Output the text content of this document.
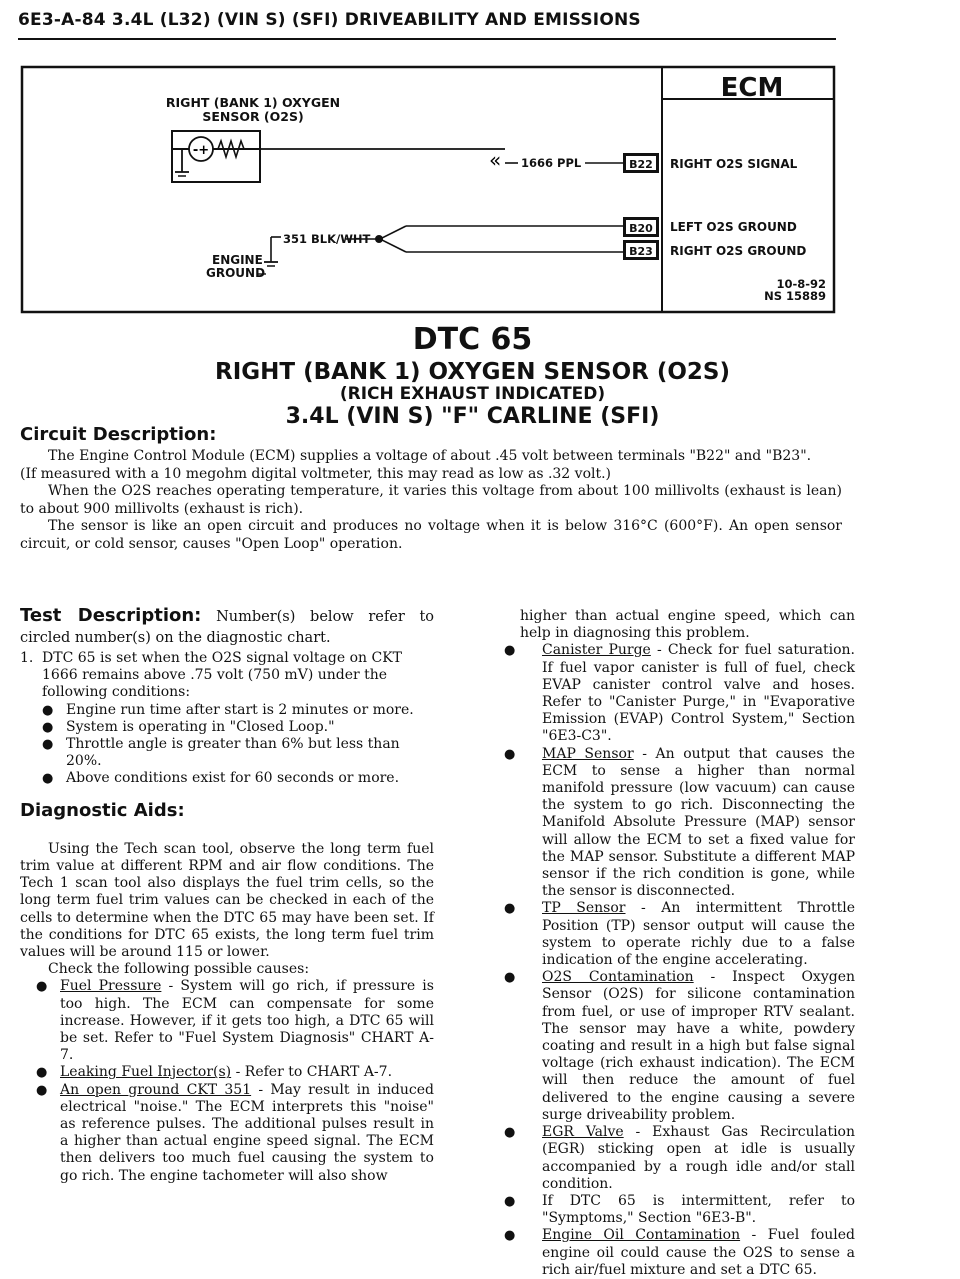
6E3-A-84 3.4L (L32) (VIN S) (SFI) DRIVEABILITY AND EMISSIONS
ECM
RIGHT (BANK 1) OXYGEN
SENSOR (O2S)
-+	« 1666 PPL	B22 RIGHT O2S SIGNAL
B20 LEFT O2S GROUND
B23 RIGHT O2S GROUND
351 BLK/WHT
ENGINE
GROUND
10-8-92
NS 15889
DTC 65
RIGHT (BANK 1) OXYGEN SENSOR (O2S)
(RICH EXHAUST INDICATED)
3.4L (VIN S) "F" CARLINE (SFI)
Circuit Description:

The Engine Control Module (ECM) supplies a voltage of about .45 volt between terminals "B22" and "B23".

(If measured with a 10 megohm digital voltmeter, this may read as low as .32 volt.)

When the O2S reaches operating temperature, it varies this voltage from about 100 millivolts (exhaust is lean) to about 900 millivolts (exhaust is rich).

The sensor is like an open circuit and produces no voltage when it is below 316°C (600°F). An open sensor circuit, or cold sensor, causes "Open Loop" operation.

Test Description: Number(s) below refer to circled number(s) on the diagnostic chart.

1. DTC 65 is set when the O2S signal voltage on CKT 1666 remains above .75 volt (750 mV) under the following conditions:
● Engine run time after start is 2 minutes or more.
● System is operating in "Closed Loop."
● Throttle angle is greater than 6% but less than 20%.
● Above conditions exist for 60 seconds or more.
Diagnostic Aids:

Using the Tech scan tool, observe the long term fuel trim value at different RPM and air flow conditions. The Tech 1 scan tool also displays the fuel trim cells, so the long term fuel trim values can be checked in each of the cells to determine when the DTC 65 may have been set. If the conditions for DTC 65 exists, the long term fuel trim values will be around 115 or lower.

Check the following possible causes:

● Fuel Pressure - System will go rich, if pressure is too high. The ECM can compensate for some increase. However, if it gets too high, a DTC 65 will be set. Refer to "Fuel System Diagnosis" CHART A-7.
● Leaking Fuel Injector(s) - Refer to CHART A-7.
● An open ground CKT 351 - May result in induced electrical "noise." The ECM interprets this "noise" as reference pulses. The additional pulses result in a higher than actual engine speed signal. The ECM then delivers too much fuel causing the system to go rich. The engine tachometer will also show

higher than actual engine speed, which can help in diagnosing this problem.

●	Canister Purge - Check for fuel saturation. If fuel vapor canister is full of fuel, check EVAP canister control valve and hoses. Refer to "Canister Purge," in "Evaporative Emission (EVAP) Control System," Section "6E3-C3".
●	MAP Sensor - An output that causes the ECM to sense a higher than normal manifold pressure (low vacuum) can cause the system to go rich. Disconnecting the Manifold Absolute Pressure (MAP) sensor will allow the ECM to set a fixed value for the MAP sensor. Substitute a different MAP sensor if the rich condition is gone, while the sensor is disconnected.
●	TP Sensor - An intermittent Throttle Position (TP) sensor output will cause the system to operate richly due to a false indication of the engine accelerating.
●	O2S Contamination - Inspect Oxygen Sensor (O2S) for silicone contamination from fuel, or use of improper RTV sealant. The sensor may have a white, powdery coating and result in a high but false signal voltage (rich exhaust indication). The ECM will then reduce the amount of fuel delivered to the engine causing a severe surge driveability problem.
●	EGR Valve - Exhaust Gas Recirculation (EGR) sticking open at idle is usually accompanied by a rough idle and/or stall condition.
●	If DTC 65 is intermittent, refer to "Symptoms," Section "6E3-B".
●	Engine Oil Contamination - Fuel fouled engine oil could cause the O2S to sense a rich air/fuel mixture and set a DTC 65.
